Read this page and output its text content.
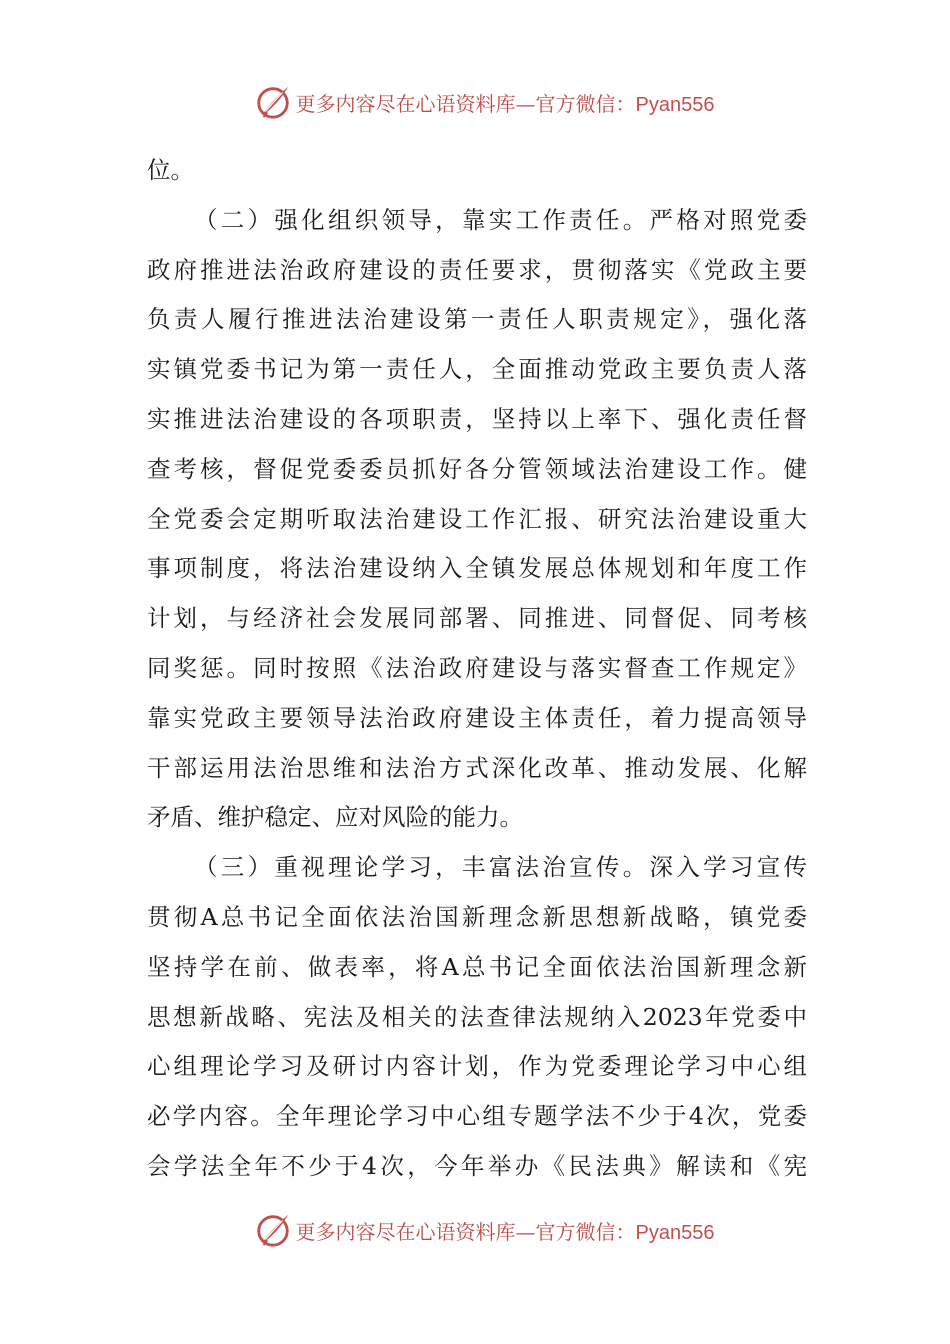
更多内容尽在心语资料库—官方微信：Pyan556
位。
（二）强化组织领导，靠实工作责任。严格对照党委
政府推进法治政府建设的责任要求，贯彻落实《党政主要
负责人履行推进法治建设第一责任人职责规定》，强化落
实镇党委书记为第一责任人，全面推动党政主要负责人落
实推进法治建设的各项职责，坚持以上率下、强化责任督
查考核，督促党委委员抓好各分管领域法治建设工作。健
全党委会定期听取法治建设工作汇报、研究法治建设重大
事项制度，将法治建设纳入全镇发展总体规划和年度工作
计划，与经济社会发展同部署、同推进、同督促、同考核
同奖惩。同时按照《法治政府建设与落实督查工作规定》
靠实党政主要领导法治政府建设主体责任，着力提高领导
干部运用法治思维和法治方式深化改革、推动发展、化解
矛盾、维护稳定、应对风险的能力。
（三）重视理论学习，丰富法治宣传。深入学习宣传
贯彻A总书记全面依法治国新理念新思想新战略，镇党委
坚持学在前、做表率，将A总书记全面依法治国新理念新
思想新战略、宪法及相关的法查律法规纳入2023年党委中
心组理论学习及研讨内容计划，作为党委理论学习中心组
必学内容。全年理论学习中心组专题学法不少于4次，党委
会学法全年不少于4次，今年举办《民法典》解读和《宪
更多内容尽在心语资料库—官方微信：Pyan556
